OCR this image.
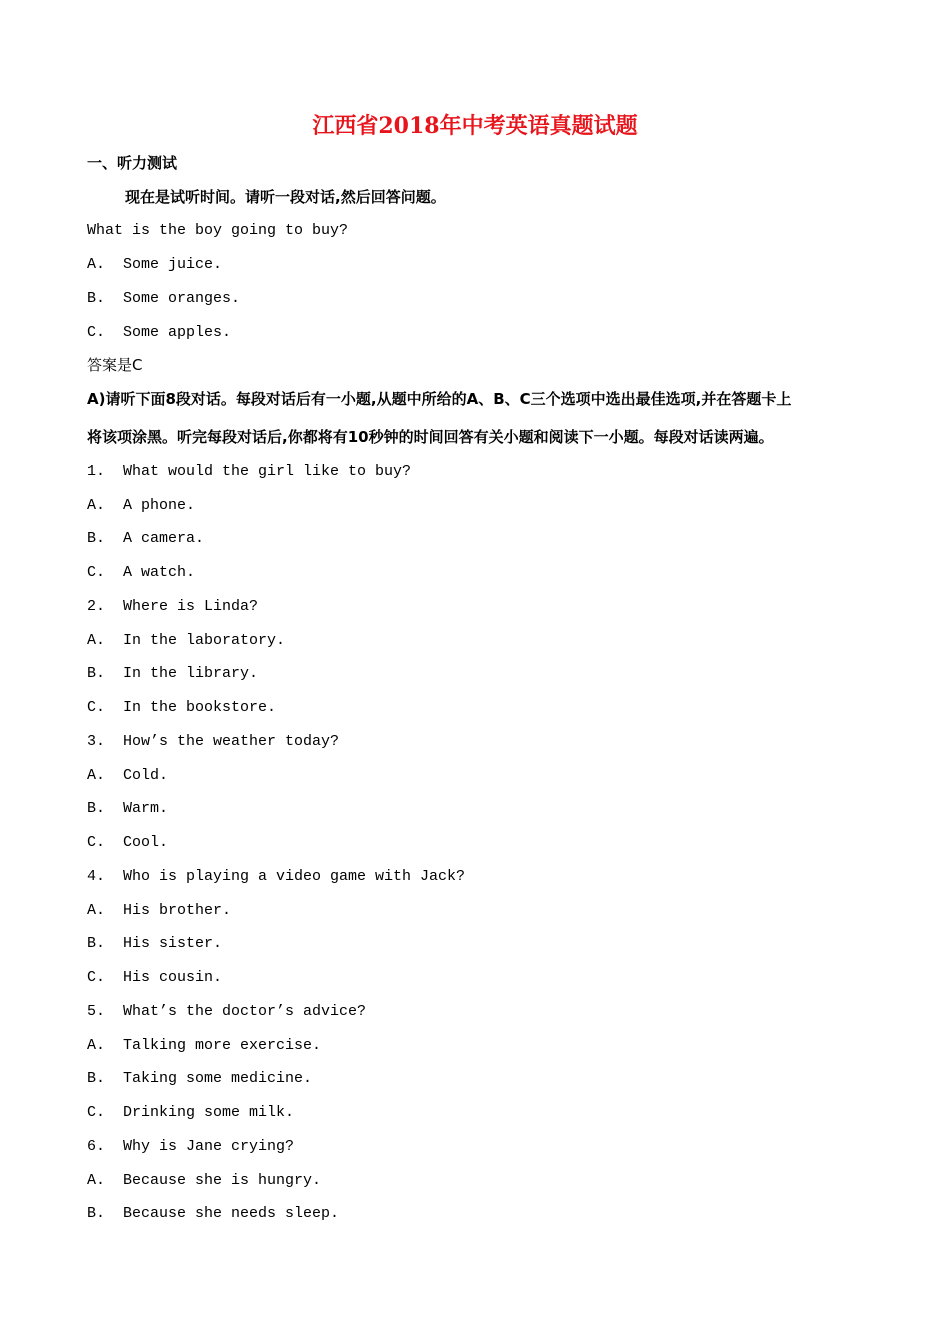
江西省2018年中考英语真题试题
一、听力测试
现在是试听时间。请听一段对话,然后回答问题。
What is the boy going to buy?
A.  Some juice.
B.  Some oranges.
C.  Some apples.
答案是C
A)请听下面8段对话。每段对话后有一小题,从题中所给的A、B、C三个选项中选出最佳选项,并在答题卡上
将该项涂黑。听完每段对话后,你都将有10秒钟的时间回答有关小题和阅读下一小题。每段对话读两遍。
1.  What would the girl like to buy?
A.  A phone.
B.  A camera.
C.  A watch.
2.  Where is Linda?
A.  In the laboratory.
B.  In the library.
C.  In the bookstore.
3.  How’s the weather today?
A.  Cold.
B.  Warm.
C.  Cool.
4.  Who is playing a video game with Jack?
A.  His brother.
B.  His sister.
C.  His cousin.
5.  What’s the doctor’s advice?
A.  Talking more exercise.
B.  Taking some medicine.
C.  Drinking some milk.
6.  Why is Jane crying?
A.  Because she is hungry.
B.  Because she needs sleep.
